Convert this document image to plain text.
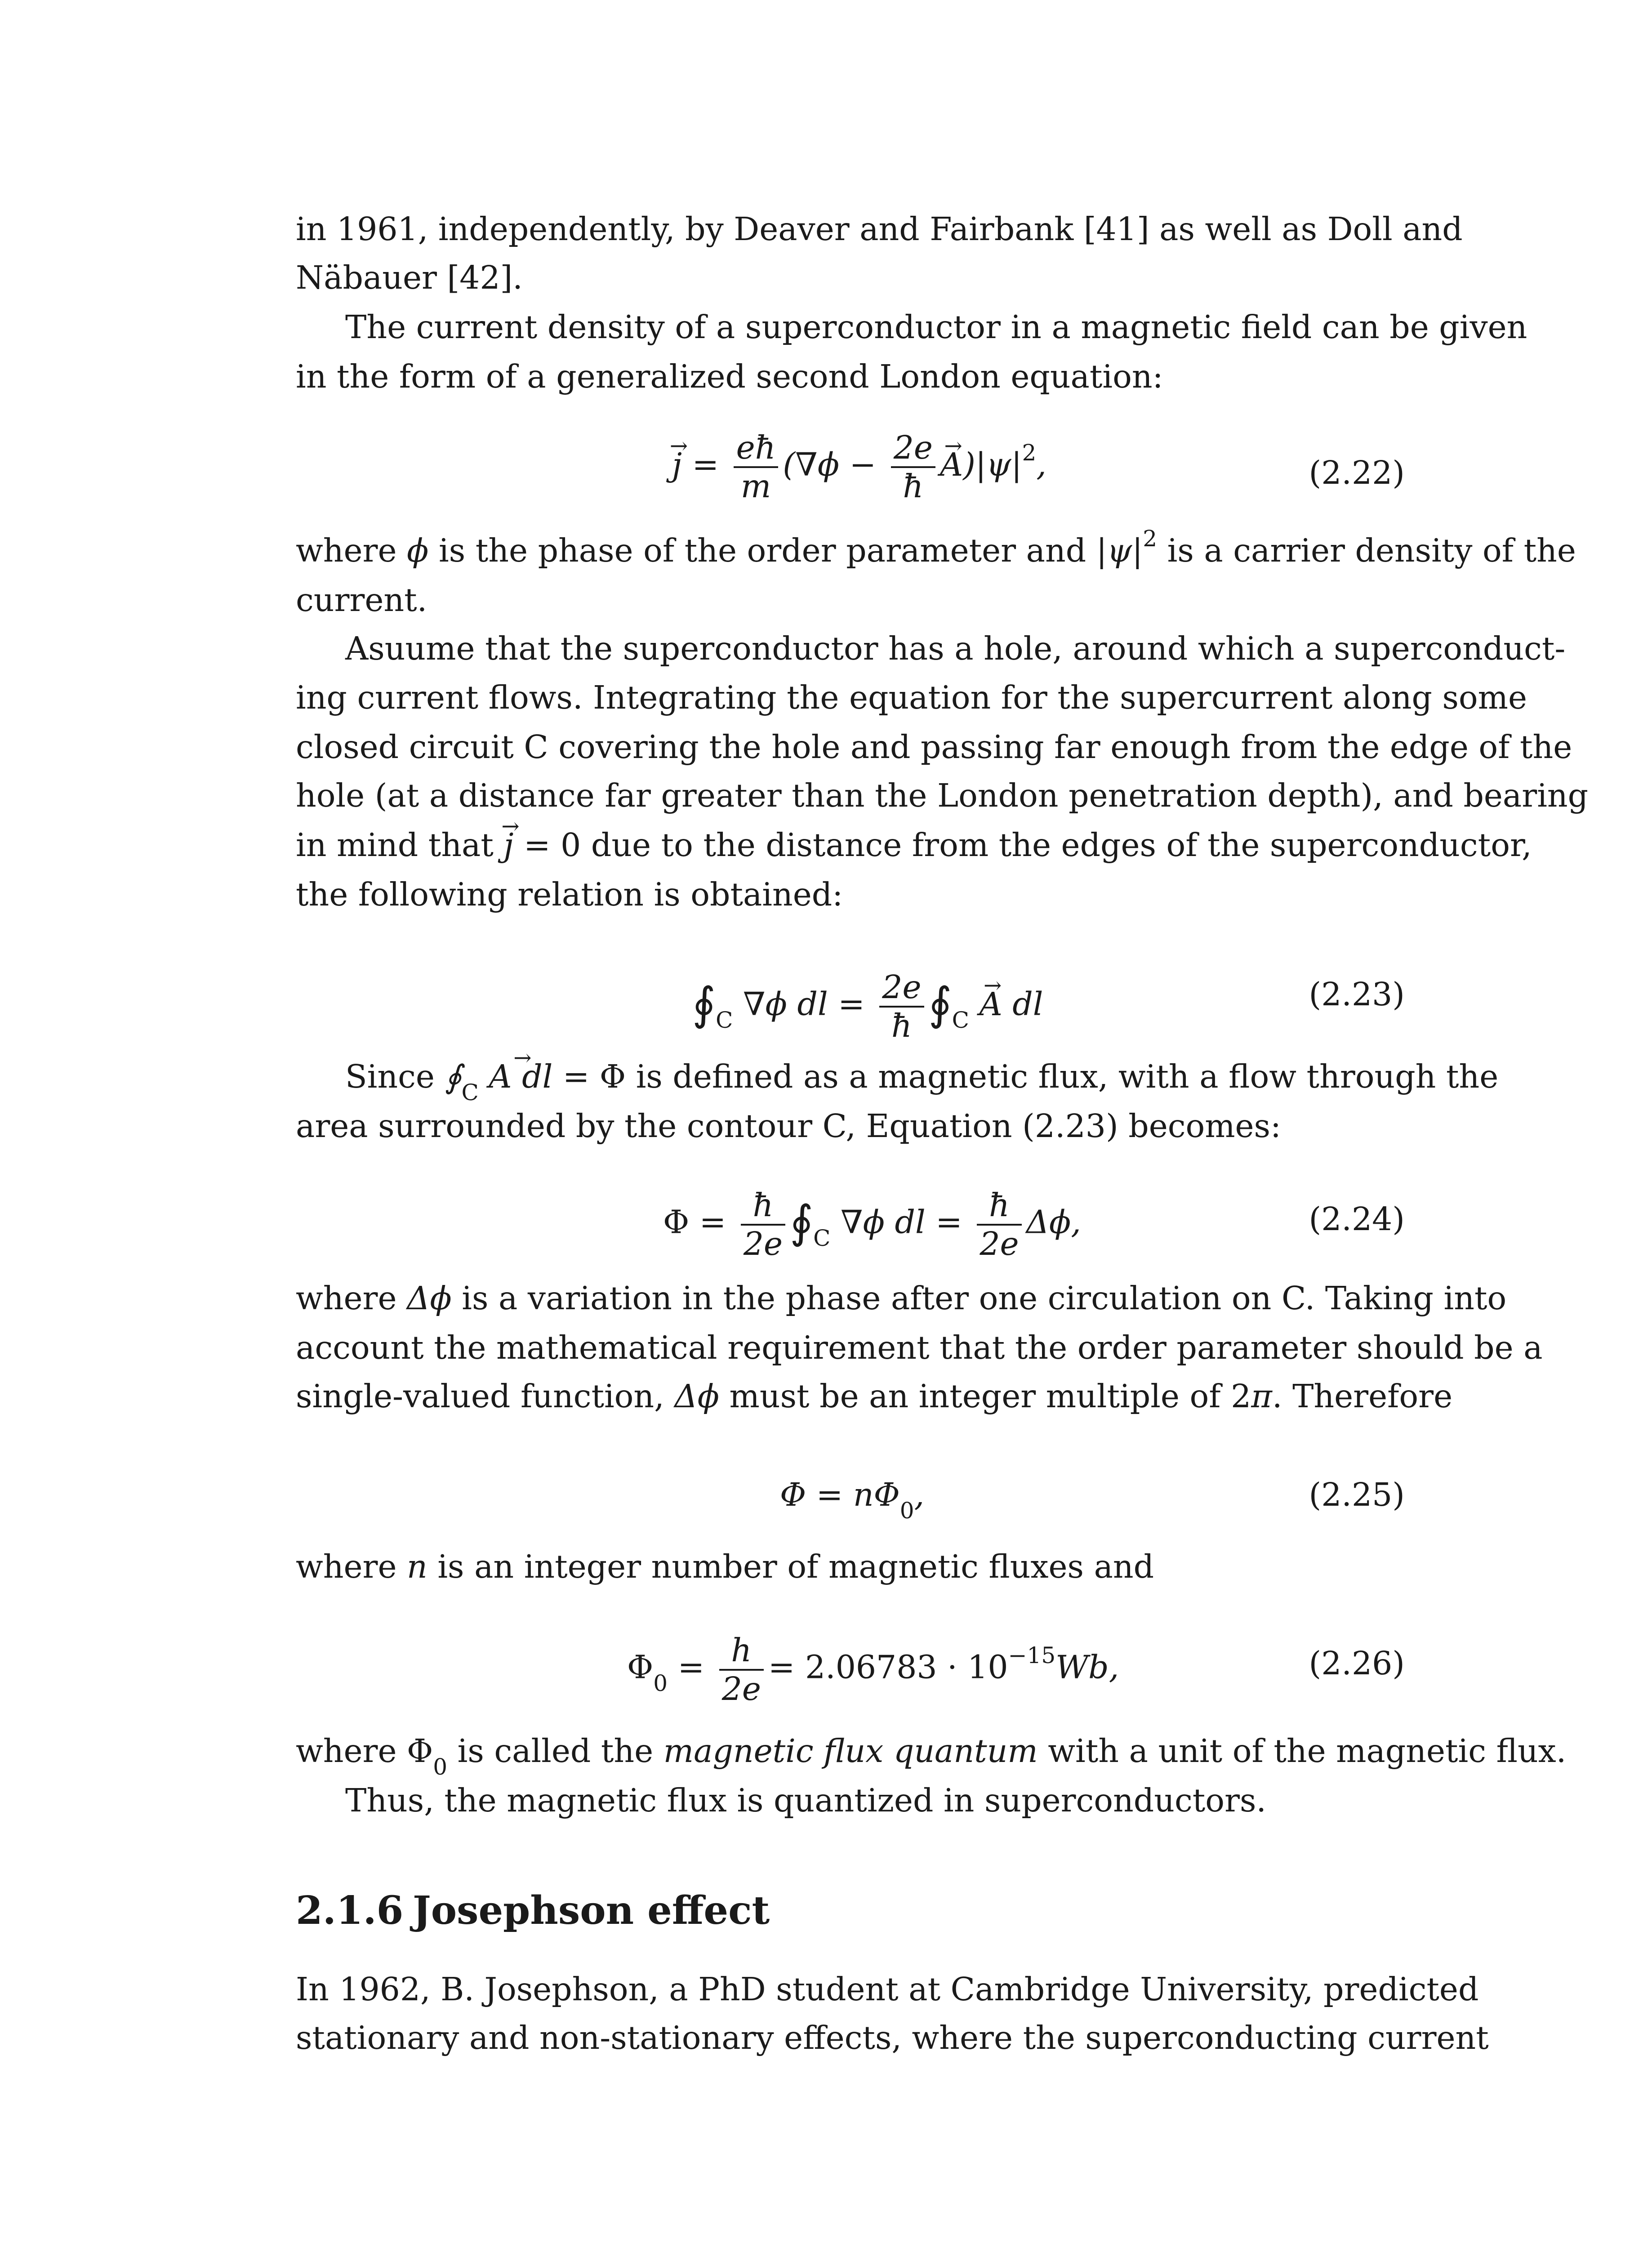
in 1961, independently, by Deaver and Fairbank [41] as well as Doll and
Näbauer [42].
The current density of a superconductor in a magnetic field can be given
in the form of a generalized second London equation:
→ $j = \frac{eħ}{m} (\nabla\phi - \frac{2e}{ħ}$
→ $A)|\psi|^2$,	(2.22)
where ϕ is the phase of the order parameter and $|\psi|^2$ is a carrier density of the
current.
Asuume that the superconductor has a hole, around which a superconduct-
ing current flows. Integrating the equation for the supercurrent along some
closed circuit C covering the hole and passing far enough from the edge of the
hole (at a distance far greater than the London penetration depth), and bearing
in mind that → j = 0 due to the distance from the edges of the superconductor,
the following relation is obtained:
$∮_C$ ∇ϕ dl = $\frac{2e}{ħ}$ $∮_C \to A$ dl	(2.23)
Since $∮_C \to A$ dl = Φ is defined as a magnetic flux, with a flow through the
area surrounded by the contour C, Equation (2.23) becomes:
$\Phi = \frac{ħ}{2e}$ $∮_C$ ∇ϕ dl = $\frac{ħ}{2e} \Delta\phi$,	(2.24)
where Δϕ is a variation in the phase after one circulation on C. Taking into
account the mathematical requirement that the order parameter should be a
single-valued function, Δϕ must be an integer multiple of 2π. Therefore
$\Phi = n\Phi_0$,	(2.25)
where n is an integer number of magnetic fluxes and
$\Phi_0 = \frac{h}{2e} = 2.06783 \cdot 10^{-15}Wb$,	(2.26)
where $\Phi_0$ is called the magnetic flux quantum with a unit of the magnetic flux.
Thus, the magnetic flux is quantized in superconductors.
2.1.6 Josephson effect
In 1962, B. Josephson, a PhD student at Cambridge University, predicted
stationary and non-stationary effects, where the superconducting current
